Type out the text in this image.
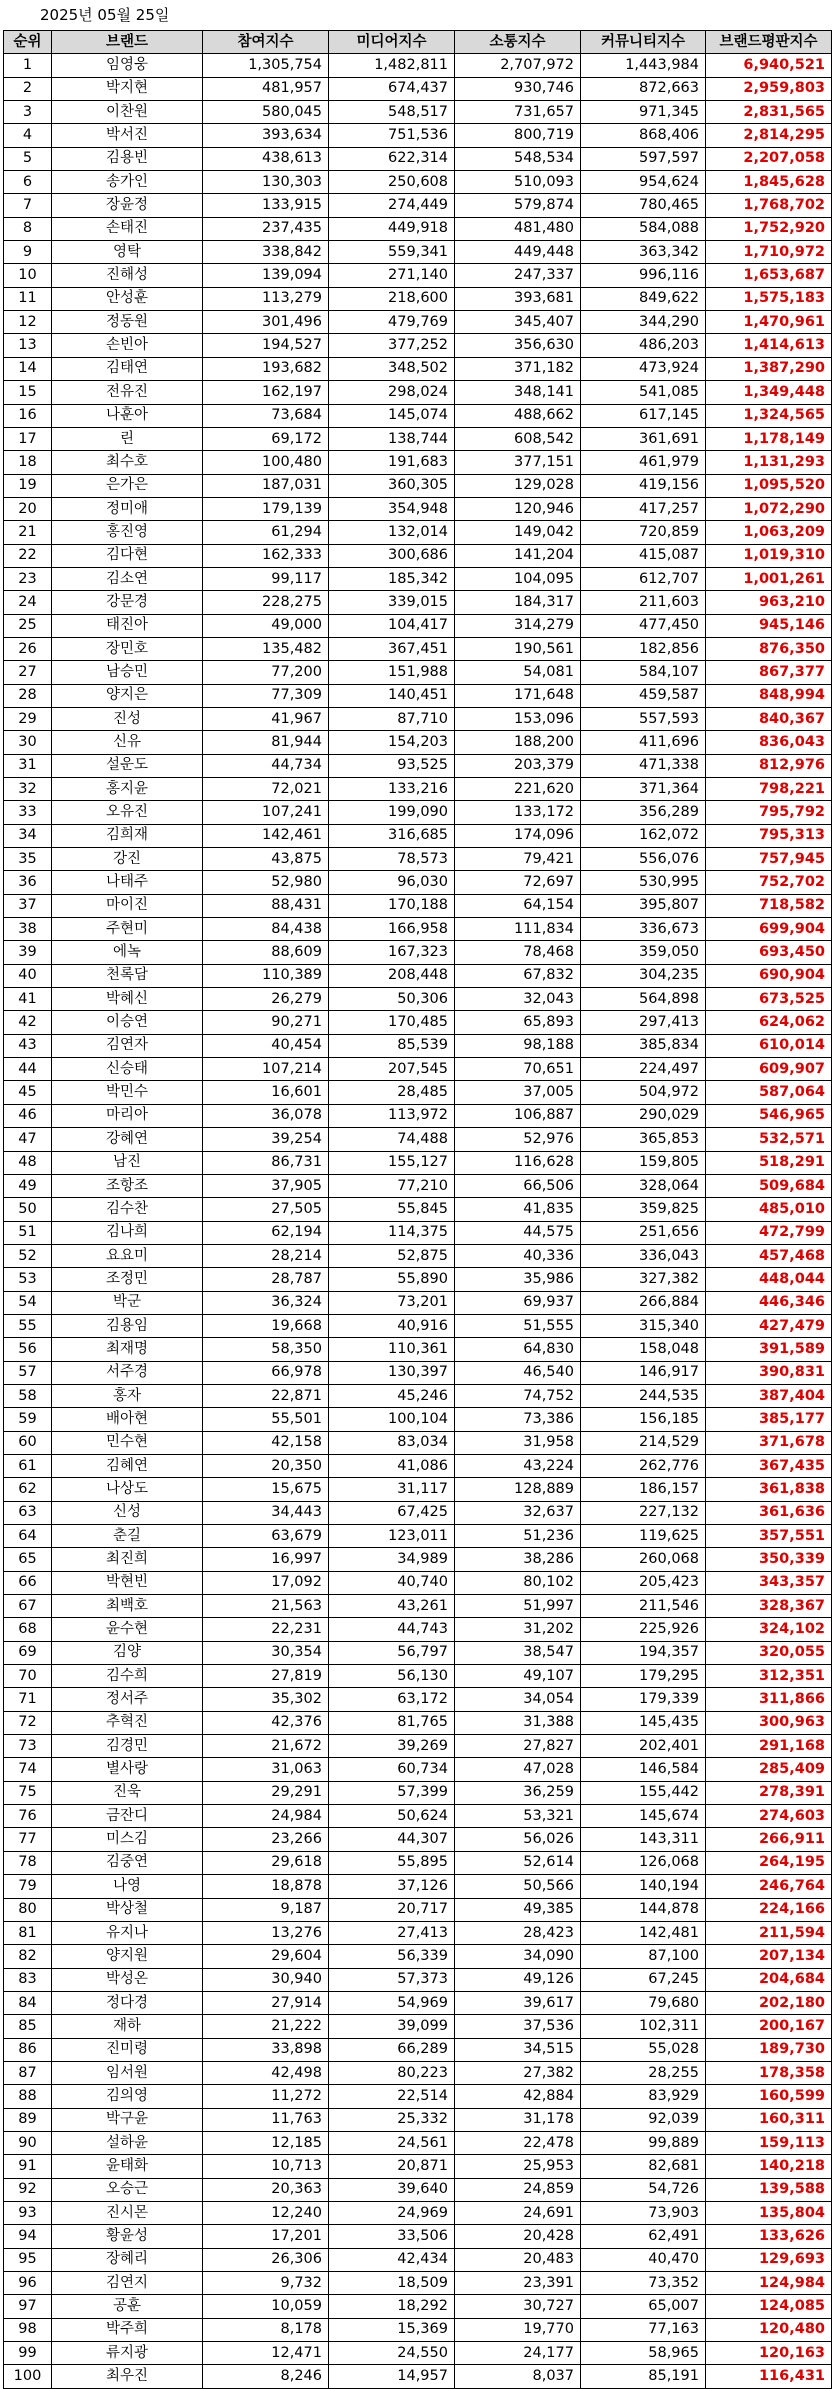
2025년 05월 25일
순위	브랜드	참여지수	미디어지수	소통지수	커뮤니티지수	브랜드평판지수
1	임영웅	1,305,754	1,482,811	2,707,972	1,443,984	6,940,521
2	박지현	481,957	674,437	930,746	872,663	2,959,803
3	이찬원	580,045	548,517	731,657	971,345	2,831,565
4	박서진	393,634	751,536	800,719	868,406	2,814,295
5	김용빈	438,613	622,314	548,534	597,597	2,207,058
6	송가인	130,303	250,608	510,093	954,624	1,845,628
7	장윤정	133,915	274,449	579,874	780,465	1,768,702
8	손태진	237,435	449,918	481,480	584,088	1,752,920
9	영탁	338,842	559,341	449,448	363,342	1,710,972
10	진해성	139,094	271,140	247,337	996,116	1,653,687
11	안성훈	113,279	218,600	393,681	849,622	1,575,183
12	정동원	301,496	479,769	345,407	344,290	1,470,961
13	손빈아	194,527	377,252	356,630	486,203	1,414,613
14	김태연	193,682	348,502	371,182	473,924	1,387,290
15	전유진	162,197	298,024	348,141	541,085	1,349,448
16	나훈아	73,684	145,074	488,662	617,145	1,324,565
17	린	69,172	138,744	608,542	361,691	1,178,149
18	최수호	100,480	191,683	377,151	461,979	1,131,293
19	은가은	187,031	360,305	129,028	419,156	1,095,520
20	정미애	179,139	354,948	120,946	417,257	1,072,290
21	홍진영	61,294	132,014	149,042	720,859	1,063,209
22	김다현	162,333	300,686	141,204	415,087	1,019,310
23	김소연	99,117	185,342	104,095	612,707	1,001,261
24	강문경	228,275	339,015	184,317	211,603	963,210
25	태진아	49,000	104,417	314,279	477,450	945,146
26	장민호	135,482	367,451	190,561	182,856	876,350
27	남승민	77,200	151,988	54,081	584,107	867,377
28	양지은	77,309	140,451	171,648	459,587	848,994
29	진성	41,967	87,710	153,096	557,593	840,367
30	신유	81,944	154,203	188,200	411,696	836,043
31	설운도	44,734	93,525	203,379	471,338	812,976
32	홍지윤	72,021	133,216	221,620	371,364	798,221
33	오유진	107,241	199,090	133,172	356,289	795,792
34	김희재	142,461	316,685	174,096	162,072	795,313
35	강진	43,875	78,573	79,421	556,076	757,945
36	나태주	52,980	96,030	72,697	530,995	752,702
37	마이진	88,431	170,188	64,154	395,807	718,582
38	주현미	84,438	166,958	111,834	336,673	699,904
39	에녹	88,609	167,323	78,468	359,050	693,450
40	천록담	110,389	208,448	67,832	304,235	690,904
41	박혜신	26,279	50,306	32,043	564,898	673,525
42	이승연	90,271	170,485	65,893	297,413	624,062
43	김연자	40,454	85,539	98,188	385,834	610,014
44	신승태	107,214	207,545	70,651	224,497	609,907
45	박민수	16,601	28,485	37,005	504,972	587,064
46	마리아	36,078	113,972	106,887	290,029	546,965
47	강혜연	39,254	74,488	52,976	365,853	532,571
48	남진	86,731	155,127	116,628	159,805	518,291
49	조항조	37,905	77,210	66,506	328,064	509,684
50	김수찬	27,505	55,845	41,835	359,825	485,010
51	김나희	62,194	114,375	44,575	251,656	472,799
52	요요미	28,214	52,875	40,336	336,043	457,468
53	조정민	28,787	55,890	35,986	327,382	448,044
54	박군	36,324	73,201	69,937	266,884	446,346
55	김용임	19,668	40,916	51,555	315,340	427,479
56	최재명	58,350	110,361	64,830	158,048	391,589
57	서주경	66,978	130,397	46,540	146,917	390,831
58	홍자	22,871	45,246	74,752	244,535	387,404
59	배아현	55,501	100,104	73,386	156,185	385,177
60	민수현	42,158	83,034	31,958	214,529	371,678
61	김혜연	20,350	41,086	43,224	262,776	367,435
62	나상도	15,675	31,117	128,889	186,157	361,838
63	신성	34,443	67,425	32,637	227,132	361,636
64	춘길	63,679	123,011	51,236	119,625	357,551
65	최진희	16,997	34,989	38,286	260,068	350,339
66	박현빈	17,092	40,740	80,102	205,423	343,357
67	최백호	21,563	43,261	51,997	211,546	328,367
68	윤수현	22,231	44,743	31,202	225,926	324,102
69	김양	30,354	56,797	38,547	194,357	320,055
70	김수희	27,819	56,130	49,107	179,295	312,351
71	정서주	35,302	63,172	34,054	179,339	311,866
72	추혁진	42,376	81,765	31,388	145,435	300,963
73	김경민	21,672	39,269	27,827	202,401	291,168
74	별사랑	31,063	60,734	47,028	146,584	285,409
75	진욱	29,291	57,399	36,259	155,442	278,391
76	금잔디	24,984	50,624	53,321	145,674	274,603
77	미스김	23,266	44,307	56,026	143,311	266,911
78	김중연	29,618	55,895	52,614	126,068	264,195
79	나영	18,878	37,126	50,566	140,194	246,764
80	박상철	9,187	20,717	49,385	144,878	224,166
81	유지나	13,276	27,413	28,423	142,481	211,594
82	양지원	29,604	56,339	34,090	87,100	207,134
83	박성온	30,940	57,373	49,126	67,245	204,684
84	정다경	27,914	54,969	39,617	79,680	202,180
85	재하	21,222	39,099	37,536	102,311	200,167
86	진미령	33,898	66,289	34,515	55,028	189,730
87	임서원	42,498	80,223	27,382	28,255	178,358
88	김의영	11,272	22,514	42,884	83,929	160,599
89	박구윤	11,763	25,332	31,178	92,039	160,311
90	설하윤	12,185	24,561	22,478	99,889	159,113
91	윤태화	10,713	20,871	25,953	82,681	140,218
92	오승근	20,363	39,640	24,859	54,726	139,588
93	진시몬	12,240	24,969	24,691	73,903	135,804
94	황윤성	17,201	33,506	20,428	62,491	133,626
95	장혜리	26,306	42,434	20,483	40,470	129,693
96	김연지	9,732	18,509	23,391	73,352	124,984
97	공훈	10,059	18,292	30,727	65,007	124,085
98	박주희	8,178	15,369	19,770	77,163	120,480
99	류지광	12,471	24,550	24,177	58,965	120,163
100	최우진	8,246	14,957	8,037	85,191	116,431
